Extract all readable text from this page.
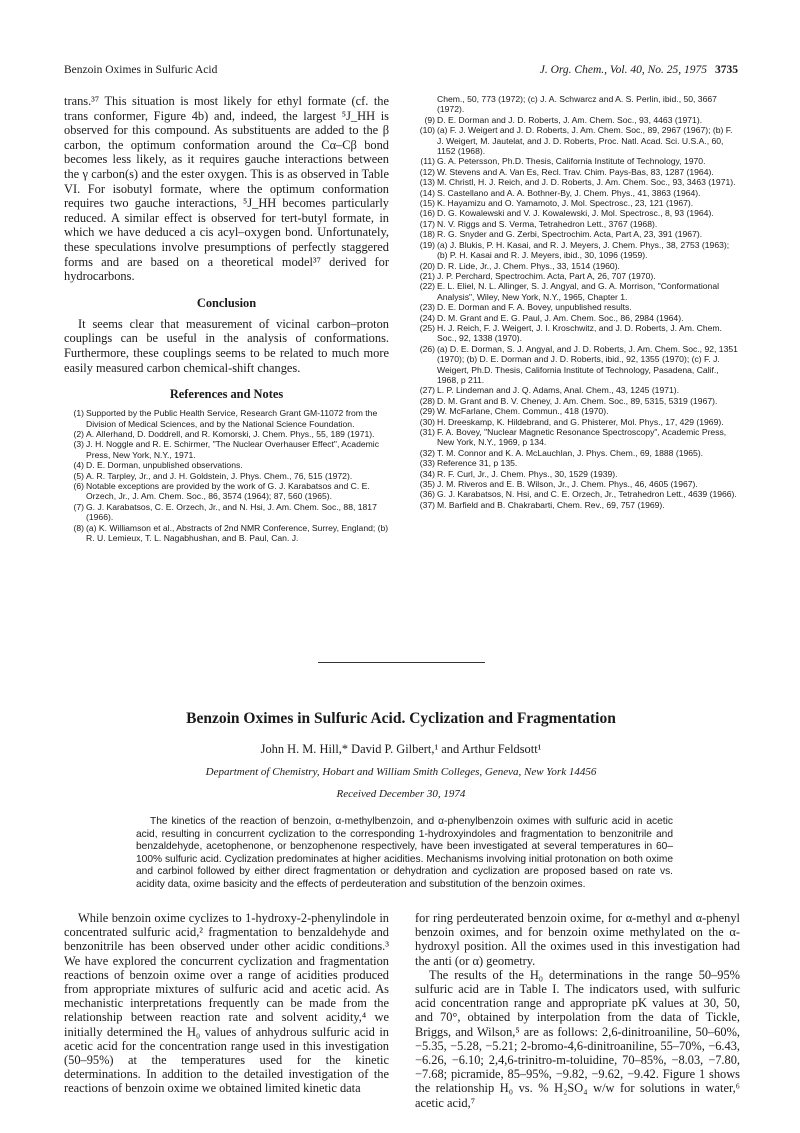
Benzoin Oximes in Sulfuric Acid	J. Org. Chem., Vol. 40, No. 25, 1975 3735

trans.³⁷ This situation is most likely for ethyl formate (cf. the trans conformer, Figure 4b) and, indeed, the largest ⁵J_HH is observed for this compound. As substituents are added to the β carbon, the optimum conformation around the Cα–Cβ bond becomes less likely, as it requires gauche interactions between the γ carbon(s) and the ester oxygen. This is as observed in Table VI. For isobutyl formate, where the optimum conformation requires two gauche interactions, ⁵J_HH becomes particularly reduced. A similar effect is observed for tert-butyl formate, in which we have deduced a cis acyl–oxygen bond. Unfortunately, these speculations involve presumptions of perfectly staggered forms and are based on a theoretical model³⁷ derived for hydrocarbons.

Conclusion

It seems clear that measurement of vicinal carbon–proton couplings can be useful in the analysis of conformations. Furthermore, these couplings seems to be related to much more easily measured carbon chemical-shift changes.

References and Notes
(1) Supported by the Public Health Service, Research Grant GM-11072 from the Division of Medical Sciences, and by the National Science Foundation.
(2) A. Allerhand, D. Doddrell, and R. Komorski, J. Chem. Phys., 55, 189 (1971).
(3) J. H. Noggle and R. E. Schirmer, "The Nuclear Overhauser Effect", Academic Press, New York, N.Y., 1971.
(4) D. E. Dorman, unpublished observations.
(5) A. R. Tarpley, Jr., and J. H. Goldstein, J. Phys. Chem., 76, 515 (1972).
(6) Notable exceptions are provided by the work of G. J. Karabatsos and C. E. Orzech, Jr., J. Am. Chem. Soc., 86, 3574 (1964); 87, 560 (1965).
(7) G. J. Karabatsos, C. E. Orzech, Jr., and N. Hsi, J. Am. Chem. Soc., 88, 1817 (1966).
(8) (a) K. Williamson et al., Abstracts of 2nd NMR Conference, Surrey, England; (b) R. U. Lemieux, T. L. Nagabhushan, and B. Paul, Can. J.
Chem., 50, 773 (1972); (c) J. A. Schwarcz and A. S. Perlin, ibid., 50, 3667 (1972).
(9) D. E. Dorman and J. D. Roberts, J. Am. Chem. Soc., 93, 4463 (1971).
(10) (a) F. J. Weigert and J. D. Roberts, J. Am. Chem. Soc., 89, 2967 (1967); (b) F. J. Weigert, M. Jautelat, and J. D. Roberts, Proc. Natl. Acad. Sci. U.S.A., 60, 1152 (1968).
(11) G. A. Petersson, Ph.D. Thesis, California Institute of Technology, 1970.
(12) W. Stevens and A. Van Es, Recl. Trav. Chim. Pays-Bas, 83, 1287 (1964).
(13) M. Christl, H. J. Reich, and J. D. Roberts, J. Am. Chem. Soc., 93, 3463 (1971).
(14) S. Castellano and A. A. Bothner-By, J. Chem. Phys., 41, 3863 (1964).
(15) K. Hayamizu and O. Yamamoto, J. Mol. Spectrosc., 23, 121 (1967).
(16) D. G. Kowalewski and V. J. Kowalewski, J. Mol. Spectrosc., 8, 93 (1964).
(17) N. V. Riggs and S. Verma, Tetrahedron Lett., 3767 (1968).
(18) R. G. Snyder and G. Zerbi, Spectrochim. Acta, Part A, 23, 391 (1967).
(19) (a) J. Blukis, P. H. Kasai, and R. J. Meyers, J. Chem. Phys., 38, 2753 (1963); (b) P. H. Kasai and R. J. Meyers, ibid., 30, 1096 (1959).
(20) D. R. Lide, Jr., J. Chem. Phys., 33, 1514 (1960).
(21) J. P. Perchard, Spectrochim. Acta, Part A, 26, 707 (1970).
(22) E. L. Eliel, N. L. Allinger, S. J. Angyal, and G. A. Morrison, "Conformational Analysis", Wiley, New York, N.Y., 1965, Chapter 1.
(23) D. E. Dorman and F. A. Bovey, unpublished results.
(24) D. M. Grant and E. G. Paul, J. Am. Chem. Soc., 86, 2984 (1964).
(25) H. J. Reich, F. J. Weigert, J. I. Kroschwitz, and J. D. Roberts, J. Am. Chem. Soc., 92, 1338 (1970).
(26) (a) D. E. Dorman, S. J. Angyal, and J. D. Roberts, J. Am. Chem. Soc., 92, 1351 (1970); (b) D. E. Dorman and J. D. Roberts, ibid., 92, 1355 (1970); (c) F. J. Weigert, Ph.D. Thesis, California Institute of Technology, Pasadena, Calif., 1968, p 211.
(27) L. P. Lindeman and J. Q. Adams, Anal. Chem., 43, 1245 (1971).
(28) D. M. Grant and B. V. Cheney, J. Am. Chem. Soc., 89, 5315, 5319 (1967).
(29) W. McFarlane, Chem. Commun., 418 (1970).
(30) H. Dreeskamp, K. Hildebrand, and G. Phisterer, Mol. Phys., 17, 429 (1969).
(31) F. A. Bovey, "Nuclear Magnetic Resonance Spectroscopy", Academic Press, New York, N.Y., 1969, p 134.
(32) T. M. Connor and K. A. McLauchlan, J. Phys. Chem., 69, 1888 (1965).
(33) Reference 31, p 135.
(34) R. F. Curl, Jr., J. Chem. Phys., 30, 1529 (1939).
(35) J. M. Riveros and E. B. Wilson, Jr., J. Chem. Phys., 46, 4605 (1967).
(36) G. J. Karabatsos, N. Hsi, and C. E. Orzech, Jr., Tetrahedron Lett., 4639 (1966).
(37) M. Barfield and B. Chakrabarti, Chem. Rev., 69, 757 (1969).
Benzoin Oximes in Sulfuric Acid. Cyclization and Fragmentation
John H. M. Hill,* David P. Gilbert,¹ and Arthur Feldsott¹
Department of Chemistry, Hobart and William Smith Colleges, Geneva, New York 14456
Received December 30, 1974

The kinetics of the reaction of benzoin, α-methylbenzoin, and α-phenylbenzoin oximes with sulfuric acid in acetic acid, resulting in concurrent cyclization to the corresponding 1-hydroxyindoles and fragmentation to benzonitrile and benzaldehyde, acetophenone, or benzophenone respectively, have been investigated at several temperatures in 60–100% sulfuric acid. Cyclization predominates at higher acidities. Mechanisms involving initial protonation on both oxime and carbinol followed by either direct fragmentation or dehydration and cyclization are proposed based on rate vs. acidity data, oxime basicity and the effects of perdeuteration and substitution of the benzoin oximes.

While benzoin oxime cyclizes to 1-hydroxy-2-phenylindole in concentrated sulfuric acid,² fragmentation to benzaldehyde and benzonitrile has been observed under other acidic conditions.³ We have explored the concurrent cyclization and fragmentation reactions of benzoin oxime over a range of acidities produced from appropriate mixtures of sulfuric acid and acetic acid. As mechanistic interpretations frequently can be made from the relationship between reaction rate and solvent acidity,⁴ we initially determined the H₀ values of anhydrous sulfuric acid in acetic acid for the concentration range used in this investigation (50–95%) at the temperatures used for the kinetic determinations. In addition to the detailed investigation of the reactions of benzoin oxime we obtained limited kinetic data

for ring perdeuterated benzoin oxime, for α-methyl and α-phenyl benzoin oximes, and for benzoin oxime methylated on the α-hydroxyl position. All the oximes used in this investigation had the anti (or α) geometry.

The results of the H₀ determinations in the range 50–95% sulfuric acid are in Table I. The indicators used, with sulfuric acid concentration range and appropriate pK values at 30, 50, and 70°, obtained by interpolation from the data of Tickle, Briggs, and Wilson,⁵ are as follows: 2,6-dinitroaniline, 50–60%, −5.35, −5.28, −5.21; 2-bromo-4,6-dinitroaniline, 55–70%, −6.43, −6.26, −6.10; 2,4,6-trinitro-m-toluidine, 70–85%, −8.03, −7.80, −7.68; picramide, 85–95%, −9.82, −9.62, −9.42. Figure 1 shows the relationship H₀ vs. % H₂SO₄ w/w for solutions in water,⁶ acetic acid,⁷
